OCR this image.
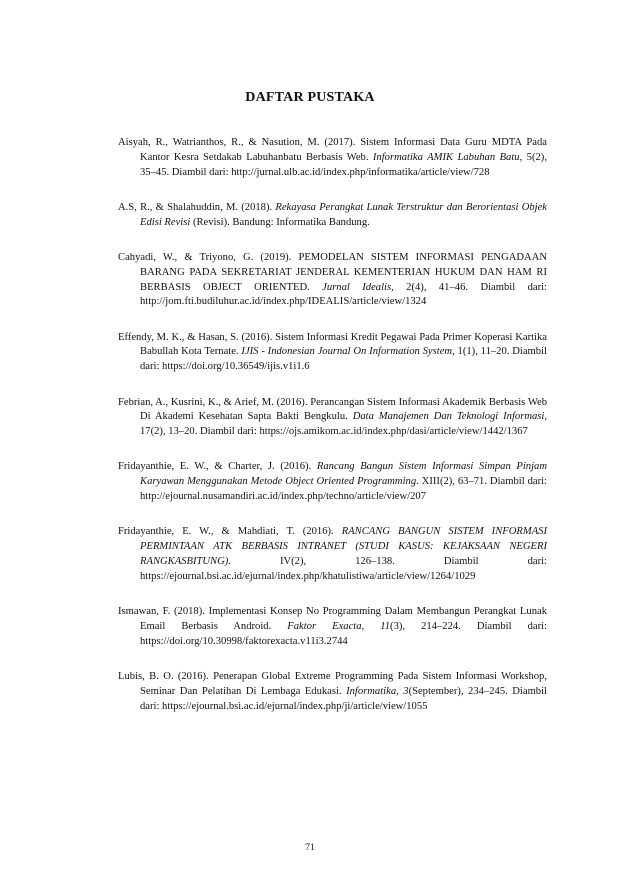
DAFTAR PUSTAKA

Aisyah, R., Watrianthos, R., & Nasution, M. (2017). Sistem Informasi Data Guru MDTA Pada Kantor Kesra Setdakab Labuhanbatu Berbasis Web. Informatika AMIK Labuhan Batu, 5(2), 35–45. Diambil dari: http://jurnal.ulb.ac.id/index.php/informatika/article/view/728

A.S, R., & Shalahuddin, M. (2018). Rekayasa Perangkat Lunak Terstruktur dan Berorientasi Objek Edisi Revisi (Revisi). Bandung: Informatika Bandung.

Cahyadi, W., & Triyono, G. (2019). PEMODELAN SISTEM INFORMASI PENGADAAN BARANG PADA SEKRETARIAT JENDERAL KEMENTERIAN HUKUM DAN HAM RI BERBASIS OBJECT ORIENTED. Jurnal Idealis, 2(4), 41–46. Diambil dari: http://jom.fti.budiluhur.ac.id/index.php/IDEALIS/article/view/1324

Effendy, M. K., & Hasan, S. (2016). Sistem Informasi Kredit Pegawai Pada Primer Koperasi Kartika Babullah Kota Ternate. IJIS - Indonesian Journal On Information System, 1(1), 11–20. Diambil dari: https://doi.org/10.36549/ijis.v1i1.6

Febrian, A., Kusrini, K., & Arief, M. (2016). Perancangan Sistem Informasi Akademik Berbasis Web Di Akademi Kesehatan Sapta Bakti Bengkulu. Data Manajemen Dan Teknologi Informasi, 17(2), 13–20. Diambil dari: https://ojs.amikom.ac.id/index.php/dasi/article/view/1442/1367

Fridayanthie, E. W., & Charter, J. (2016). Rancang Bangun Sistem Informasi Simpan Pinjam Karyawan Menggunakan Metode Object Oriented Programming. XIII(2), 63–71. Diambil dari: http://ejournal.nusamandiri.ac.id/index.php/techno/article/view/207

Fridayanthie, E. W., & Mahdiati, T. (2016). RANCANG BANGUN SISTEM INFORMASI PERMINTAAN ATK BERBASIS INTRANET (STUDI KASUS: KEJAKSAAN NEGERI RANGKASBITUNG). IV(2), 126–138. Diambil dari: https://ejournal.bsi.ac.id/ejurnal/index.php/khatulistiwa/article/view/1264/1029

Ismawan, F. (2018). Implementasi Konsep No Programming Dalam Membangun Perangkat Lunak Email Berbasis Android. Faktor Exacta, 11(3), 214–224. Diambil dari: https://doi.org/10.30998/faktorexacta.v11i3.2744

Lubis, B. O. (2016). Penerapan Global Extreme Programming Pada Sistem Informasi Workshop, Seminar Dan Pelatihan Di Lembaga Edukasi. Informatika, 3(September), 234–245. Diambil dari: https://ejournal.bsi.ac.id/ejurnal/index.php/ji/article/view/1055

71
